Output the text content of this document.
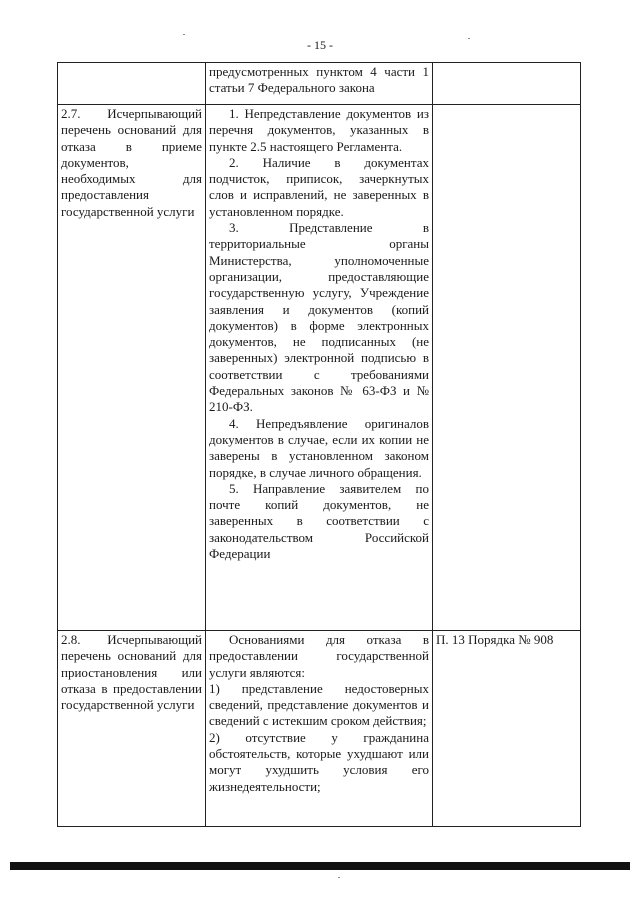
- 15 -

	предусмотренных пунктом 4 части 1 статьи 7 Федерального закона	

2.7. Исчерпывающий перечень оснований для отказа в приеме документов, необходимых для предоставления государственной услуги	1. Непредставление документов из перечня документов, указанных в пункте 2.5 настоящего Регламента.
2. Наличие в документах подчисток, приписок, зачеркнутых слов и исправлений, не заверенных в установленном порядке.
3. Представление в территориальные органы Министерства, уполномоченные организации, предоставляющие государственную услугу, Учреждение заявления и документов (копий документов) в форме электронных документов, не подписанных (не заверенных) электронной подписью в соответствии с требованиями Федеральных законов № 63-ФЗ и № 210-ФЗ.
4. Непредъявление оригиналов документов в случае, если их копии не заверены в установленном законом порядке, в случае личного обращения.
5. Направление заявителем по почте копий документов, не заверенных в соответствии с законодательством Российской Федерации	

2.8. Исчерпывающий перечень оснований для приостановления или отказа в предоставлении государственной услуги	Основаниями для отказа в предоставлении государственной услуги являются:
1) представление недостоверных сведений, представление документов и сведений с истекшим сроком действия;
2) отсутствие у гражданина обстоятельств, которые ухудшают или могут ухудшить условия его жизнедеятельности;	П. 13 Порядка № 908
